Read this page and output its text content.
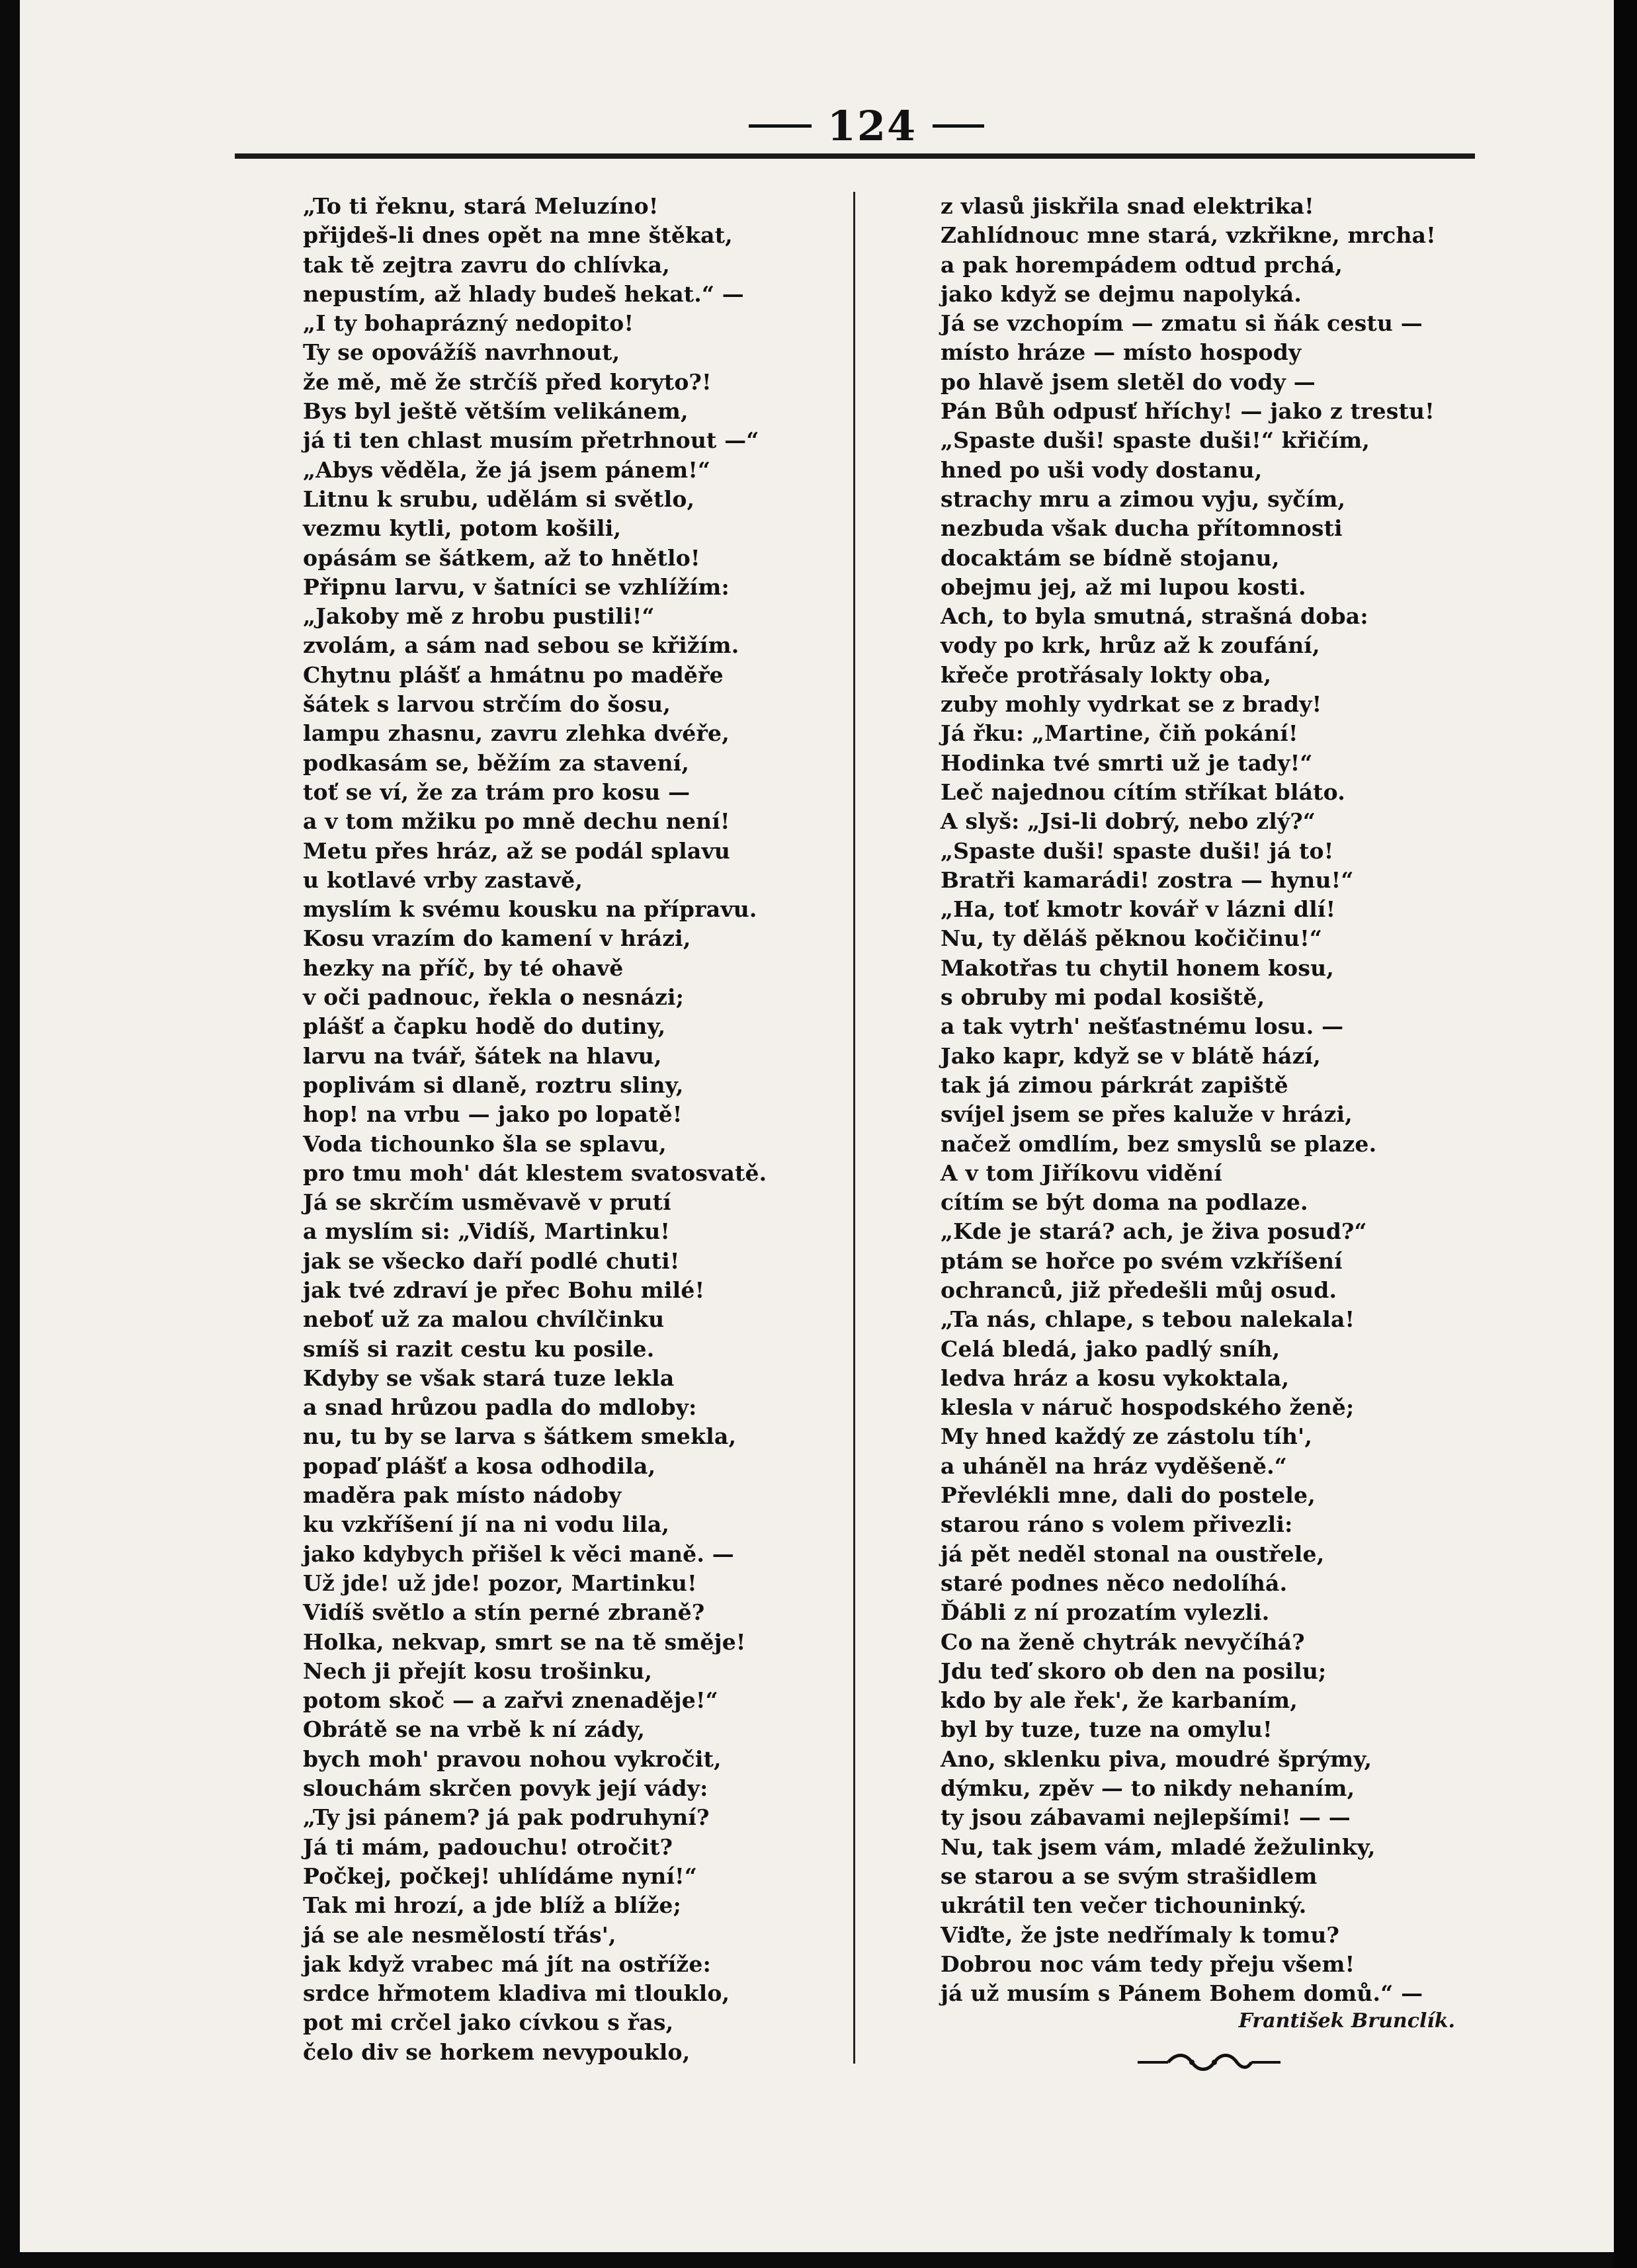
124
„To ti řeknu, stará Meluzíno!
přijdeš-li dnes opět na mne štěkat,
tak tě zejtra zavru do chlívka,
nepustím, až hlady budeš hekat.“ —
„I ty bohaprázný nedopito!
Ty se opovážíš navrhnout,
že mě, mě že strčíš před koryto?!
Bys byl ještě větším velikánem,
já ti ten chlast musím přetrhnout —“
„Abys věděla, že já jsem pánem!“
Litnu k srubu, udělám si světlo,
vezmu kytli, potom košili,
opásám se šátkem, až to hnětlo!
Připnu larvu, v šatníci se vzhlížím:
„Jakoby mě z hrobu pustili!“
zvolám, a sám nad sebou se křižím.
Chytnu plášť a hmátnu po maděře
šátek s larvou strčím do šosu,
lampu zhasnu, zavru zlehka dvéře,
podkasám se, běžím za stavení,
toť se ví, že za trám pro kosu —
a v tom mžiku po mně dechu není!
Metu přes hráz, až se podál splavu
u kotlavé vrby zastavě,
myslím k svému kousku na přípravu.
Kosu vrazím do kamení v hrázi,
hezky na příč, by té ohavě
v oči padnouc, řekla o nesnázi;
plášť a čapku hodě do dutiny,
larvu na tvář, šátek na hlavu,
poplivám si dlaně, roztru sliny,
hop! na vrbu — jako po lopatě!
Voda tichounko šla se splavu,
pro tmu moh' dát klestem svatosvatě.
Já se skrčím usměvavě v prutí
a myslím si: „Vidíš, Martinku!
jak se všecko daří podlé chuti!
jak tvé zdraví je přec Bohu milé!
neboť už za malou chvílčinku
smíš si razit cestu ku posile.
Kdyby se však stará tuze lekla
a snad hrůzou padla do mdloby:
nu, tu by se larva s šátkem smekla,
popaď plášť a kosa odhodila,
maděra pak místo nádoby
ku vzkříšení jí na ni vodu lila,
jako kdybych přišel k věci maně. —
Už jde! už jde! pozor, Martinku!
Vidíš světlo a stín perné zbraně?
Holka, nekvap, smrt se na tě směje!
Nech ji přejít kosu trošinku,
potom skoč — a zařvi znenaděje!“
Obrátě se na vrbě k ní zády,
bych moh' pravou nohou vykročit,
slouchám skrčen povyk její vády:
„Ty jsi pánem? já pak podruhyní?
Já ti mám, padouchu! otročit?
Počkej, počkej! uhlídáme nyní!“
Tak mi hrozí, a jde blíž a blíže;
já se ale nesmělostí třás',
jak když vrabec má jít na ostříže:
srdce hřmotem kladiva mi tlouklo,
pot mi crčel jako cívkou s řas,
čelo div se horkem nevypouklo,
z vlasů jiskřila snad elektrika!
Zahlídnouc mne stará, vzkřikne, mrcha!
a pak horempádem odtud prchá,
jako když se dejmu napolyká.
Já se vzchopím — zmatu si ňák cestu —
místo hráze — místo hospody
po hlavě jsem sletěl do vody —
Pán Bůh odpusť hříchy! — jako z trestu!
„Spaste duši! spaste duši!“ křičím,
hned po uši vody dostanu,
strachy mru a zimou vyju, syčím,
nezbuda však ducha přítomnosti
docaktám se bídně stojanu,
obejmu jej, až mi lupou kosti.
Ach, to byla smutná, strašná doba:
vody po krk, hrůz až k zoufání,
křeče protřásaly lokty oba,
zuby mohly vydrkat se z brady!
Já řku: „Martine, čiň pokání!
Hodinka tvé smrti už je tady!“
Leč najednou cítím stříkat bláto.
A slyš: „Jsi-li dobrý, nebo zlý?“
„Spaste duši! spaste duši! já to!
Bratři kamarádi! zostra — hynu!“
„Ha, toť kmotr kovář v lázni dlí!
Nu, ty děláš pěknou kočičinu!“
Makotřas tu chytil honem kosu,
s obruby mi podal kosiště,
a tak vytrh' nešťastnému losu. —
Jako kapr, když se v blátě hází,
tak já zimou párkrát zapiště
svíjel jsem se přes kaluže v hrázi,
načež omdlím, bez smyslů se plaze.
A v tom Jiříkovu vidění
cítím se být doma na podlaze.
„Kde je stará? ach, je živa posud?“
ptám se hořce po svém vzkříšení
ochranců, již předešli můj osud.
„Ta nás, chlape, s tebou nalekala!
Celá bledá, jako padlý sníh,
ledva hráz a kosu vykoktala,
klesla v náruč hospodského ženě;
My hned každý ze zástolu tíh',
a uháněl na hráz vyděšeně.“
Převlékli mne, dali do postele,
starou ráno s volem přivezli:
já pět neděl stonal na oustřele,
staré podnes něco nedolíhá.
Ďábli z ní prozatím vylezli.
Co na ženě chytrák nevyčíhá?
Jdu teď skoro ob den na posilu;
kdo by ale řek', že karbaním,
byl by tuze, tuze na omylu!
Ano, sklenku piva, moudré šprýmy,
dýmku, zpěv — to nikdy nehaním,
ty jsou zábavami nejlepšími! — —
Nu, tak jsem vám, mladé žežulinky,
se starou a se svým strašidlem
ukrátil ten večer tichouninký.
Viďte, že jste nedřímaly k tomu?
Dobrou noc vám tedy přeju všem!
já už musím s Pánem Bohem domů.“ —
František Brunclík.
